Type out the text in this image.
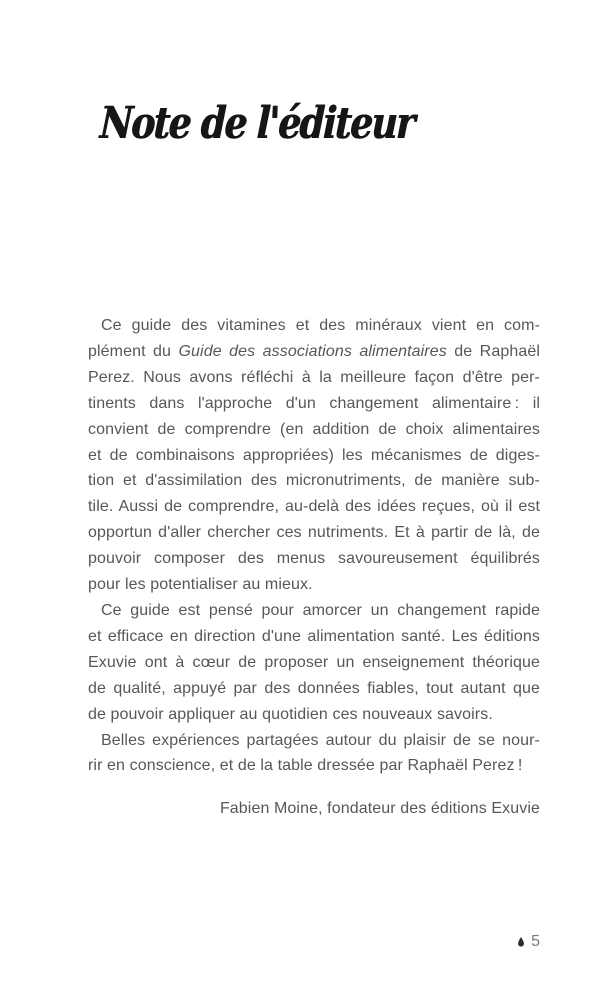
Note de l'éditeur
Ce guide des vitamines et des minéraux vient en com-
plément du Guide des associations alimentaires de Raphaël
Perez. Nous avons réfléchi à la meilleure façon d'être per-
tinents dans l'approche d'un changement alimentaire : il
convient de comprendre (en addition de choix alimentaires
et de combinaisons appropriées) les mécanismes de diges-
tion et d'assimilation des micronutriments, de manière sub-
tile. Aussi de comprendre, au-delà des idées reçues, où il est
opportun d'aller chercher ces nutriments. Et à partir de là, de
pouvoir composer des menus savoureusement équilibrés
pour les potentialiser au mieux.
Ce guide est pensé pour amorcer un changement rapide
et efficace en direction d'une alimentation santé. Les éditions
Exuvie ont à cœur de proposer un enseignement théorique
de qualité, appuyé par des données fiables, tout autant que
de pouvoir appliquer au quotidien ces nouveaux savoirs.
Belles expériences partagées autour du plaisir de se nour-
rir en conscience, et de la table dressée par Raphaël Perez !
Fabien Moine, fondateur des éditions Exuvie
5
